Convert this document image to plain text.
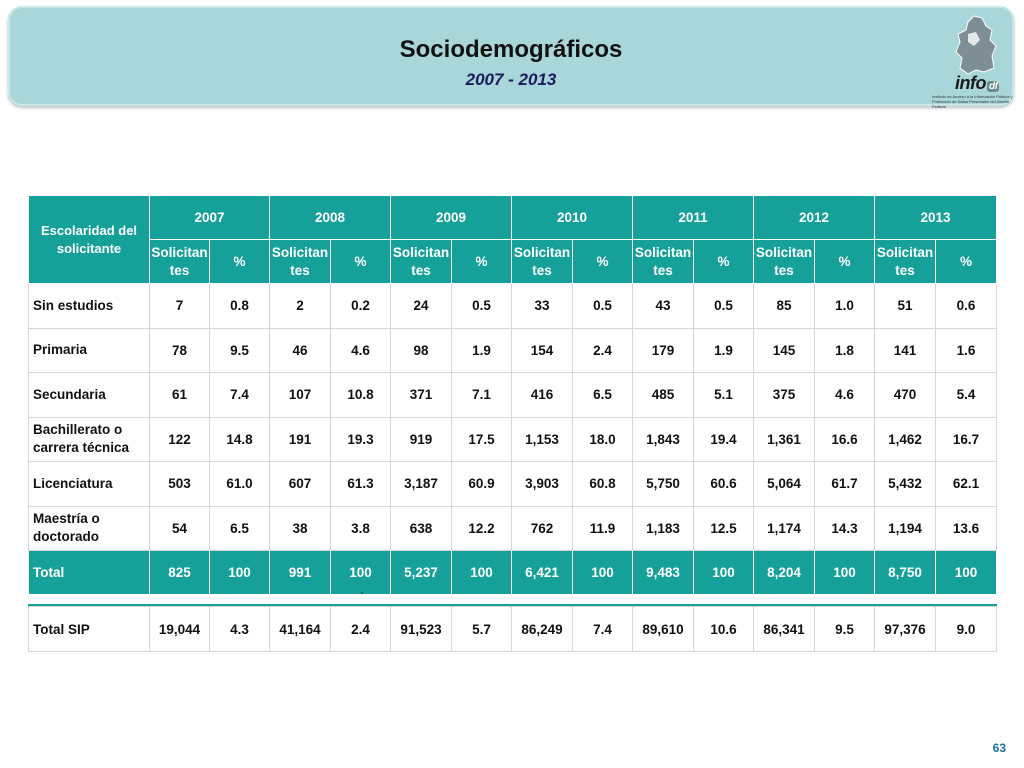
Sociodemográficos
2007 - 2013	info df
Instituto de Acceso a la Información Pública y Protección de Datos Personales del Distrito Federal
Escolaridad del solicitante	2007		2008		2009		2010		2011		2012		2013	
	Solicitan tes	%	Solicitan tes	%	Solicitan tes	%	Solicitan tes	%	Solicitan tes	%	Solicitan tes	%	Solicitan tes	%
Sin estudios	7	0.8	2	0.2	24	0.5	33	0.5	43	0.5	85	1.0	51	0.6
Primaria	78	9.5	46	4.6	98	1.9	154	2.4	179	1.9	145	1.8	141	1.6
Secundaria	61	7.4	107	10.8	371	7.1	416	6.5	485	5.1	375	4.6	470	5.4
Bachillerato o carrera técnica	122	14.8	191	19.3	919	17.5	1,153	18.0	1,843	19.4	1,361	16.6	1,462	16.7
Licenciatura	503	61.0	607	61.3	3,187	60.9	3,903	60.8	5,750	60.6	5,064	61.7	5,432	62.1
Maestría o doctorado	54	6.5	38	3.8	638	12.2	762	11.9	1,183	12.5	1,174	14.3	1,194	13.6
Total	825	100	991	100	5,237	100	6,421	100	9,483	100	8,204	100	8,750	100
`
Total SIP	19,044	4.3	41,164	2.4	91,523	5.7	86,249	7.4	89,610	10.6	86,341	9.5	97,376	9.0
63
